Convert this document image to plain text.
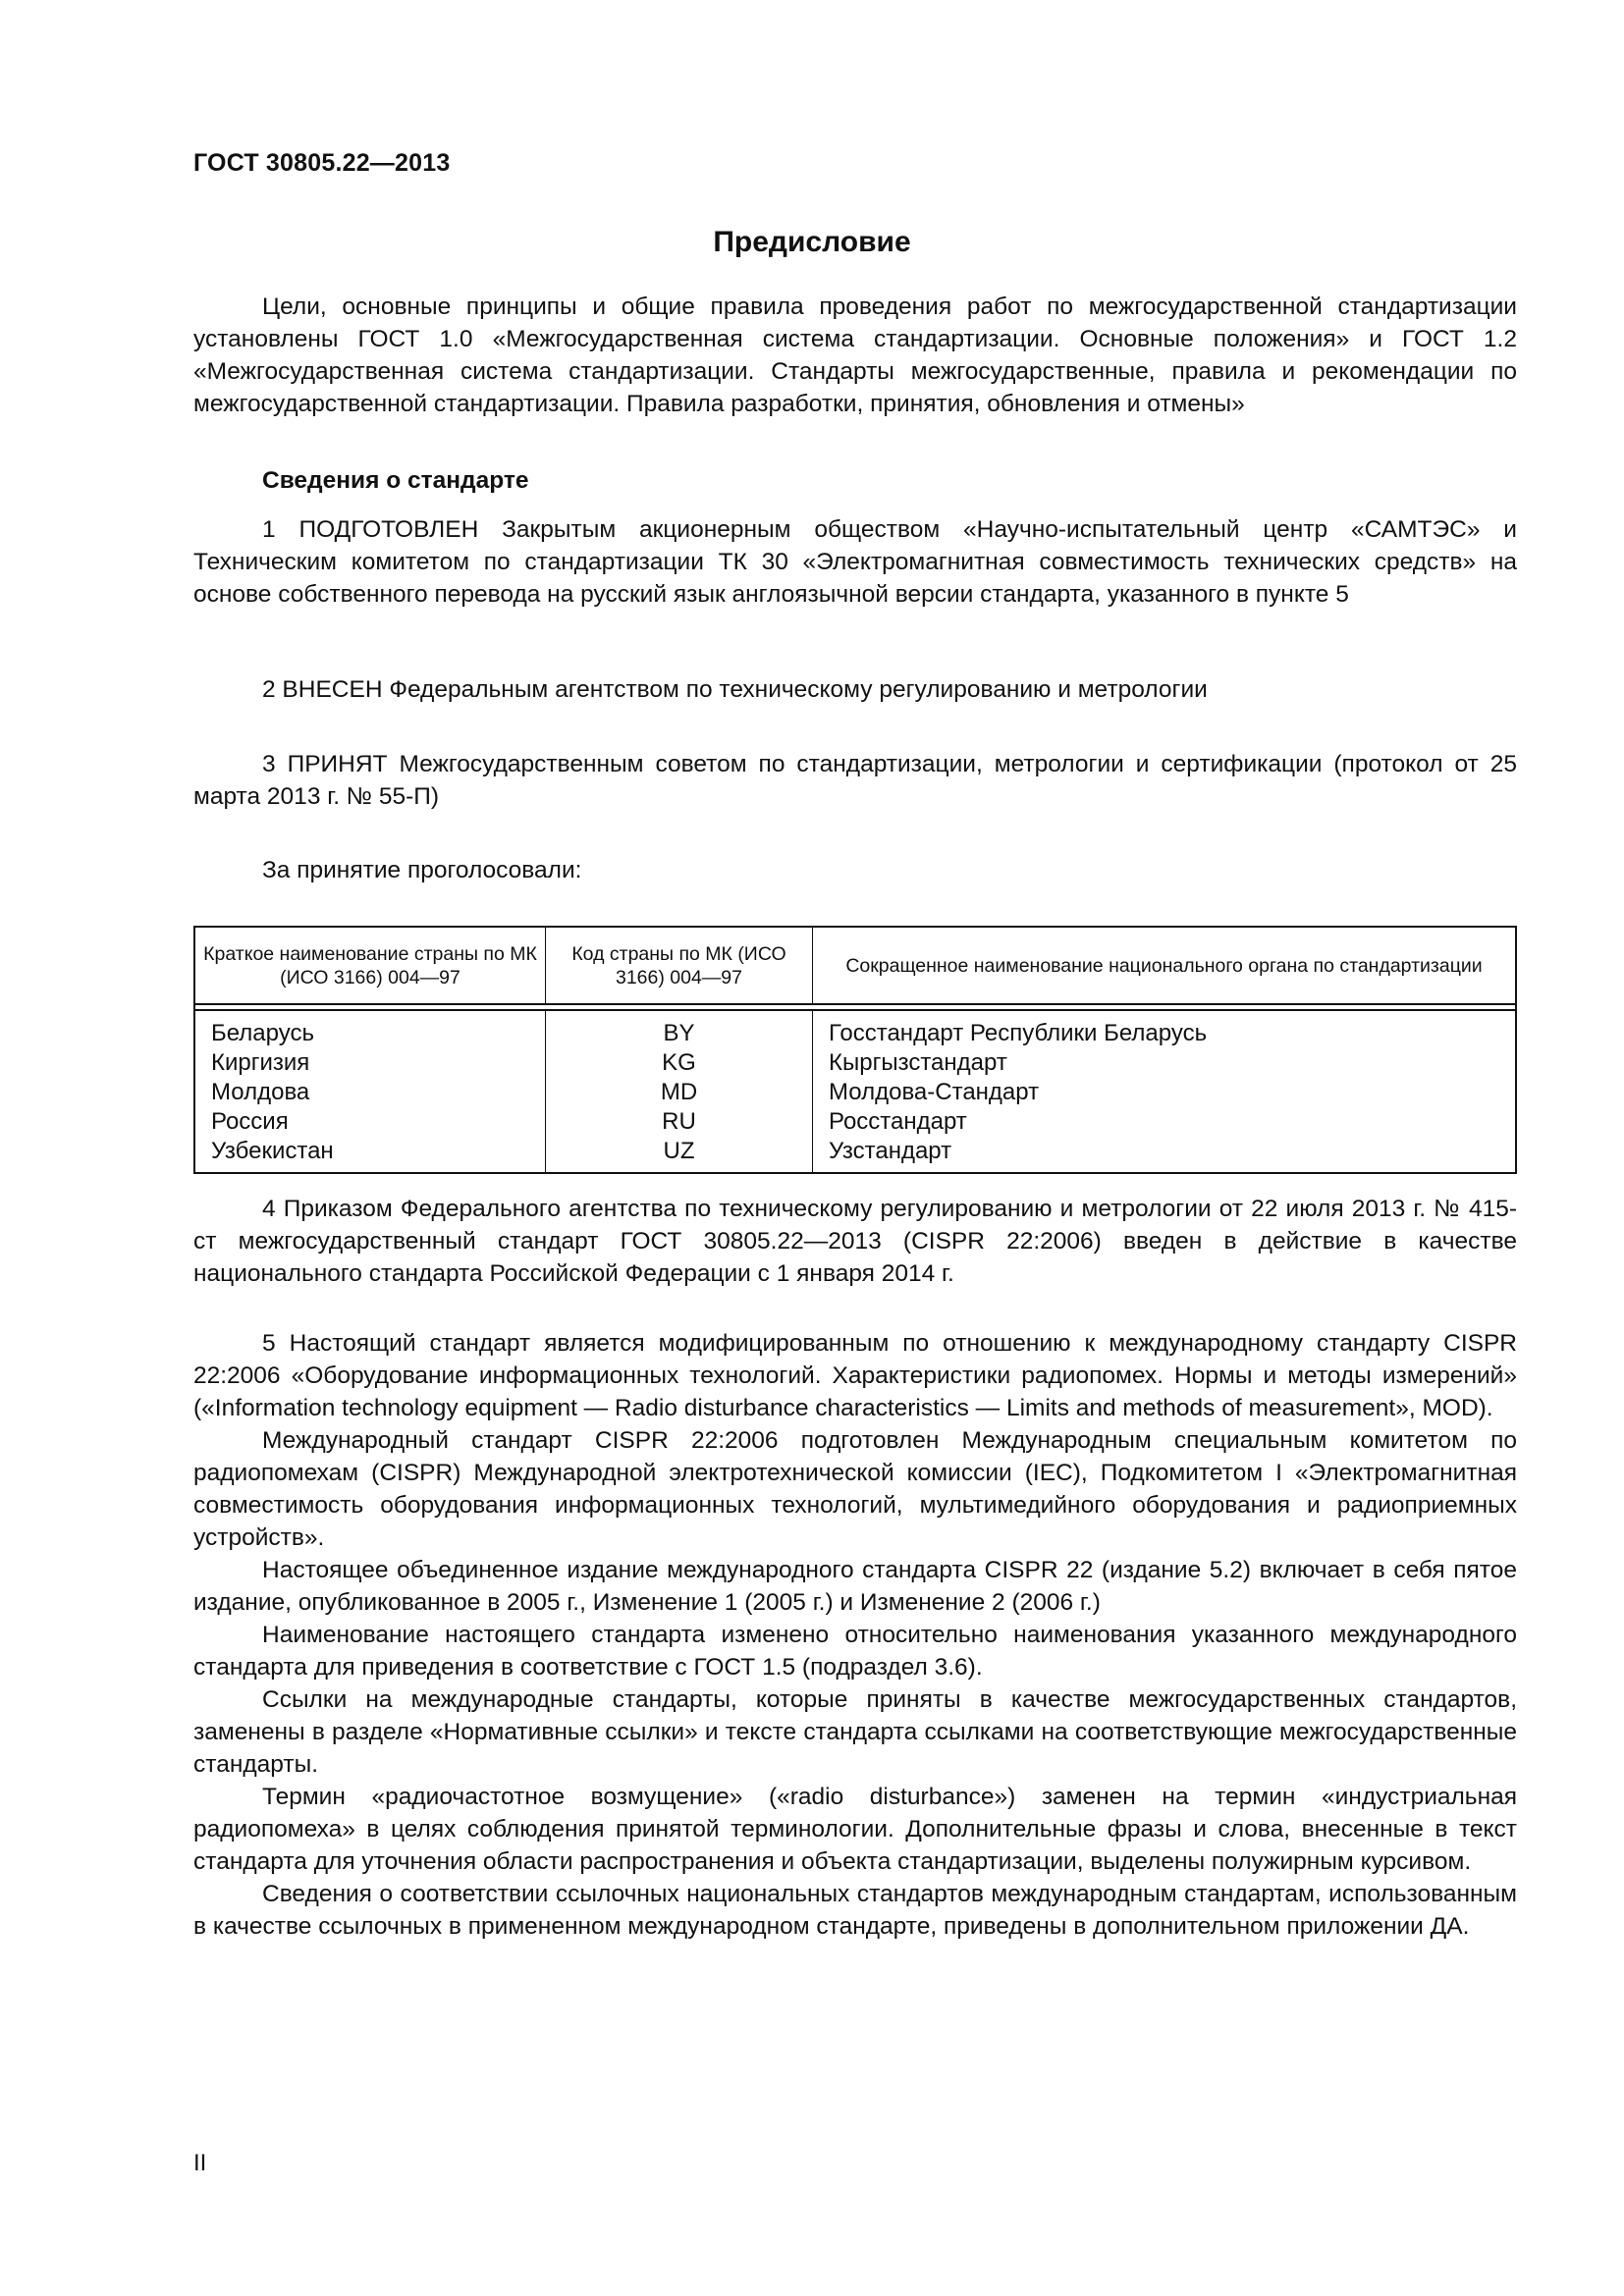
ГОСТ 30805.22—2013
Предисловие

Цели, основные принципы и общие правила проведения работ по межгосударственной стандартизации установлены ГОСТ 1.0 «Межгосударственная система стандартизации. Основные положения» и ГОСТ 1.2 «Межгосударственная система стандартизации. Стандарты межгосударственные, правила и рекомендации по межгосударственной стандартизации. Правила разработки, принятия, обновления и отмены»

Сведения о стандарте

1 ПОДГОТОВЛЕН Закрытым акционерным обществом «Научно-испытательный центр «САМТЭС» и Техническим комитетом по стандартизации ТК 30 «Электромагнитная совместимость технических средств» на основе собственного перевода на русский язык англоязычной версии стандарта, указанного в пункте 5

2 ВНЕСЕН Федеральным агентством по техническому регулированию и метрологии

3 ПРИНЯТ Межгосударственным советом по стандартизации, метрологии и сертификации (протокол от 25 марта 2013 г. № 55-П)

За принятие проголосовали:

Краткое наименование страны по МК (ИСО 3166) 004—97
Код страны по МК (ИСО 3166) 004—97
Сокращенное наименование национального органа по стандартизации
Беларусь
Киргизия
Молдова
Россия
Узбекистан
BY
KG
MD
RU
UZ
Госстандарт Республики Беларусь
Кыргызстандарт
Молдова-Стандарт
Росстандарт
Узстандарт

4 Приказом Федерального агентства по техническому регулированию и метрологии от 22 июля 2013 г. № 415-ст межгосударственный стандарт ГОСТ 30805.22—2013 (CISPR 22:2006) введен в действие в качестве национального стандарта Российской Федерации с 1 января 2014 г.

5 Настоящий стандарт является модифицированным по отношению к международному стандарту CISPR 22:2006 «Оборудование информационных технологий. Характеристики радиопомех. Нормы и методы измерений» («Information technology equipment — Radio disturbance characteristics — Limits and methods of measurement», MOD).

Международный стандарт CISPR 22:2006 подготовлен Международным специальным комитетом по радиопомехам (CISPR) Международной электротехнической комиссии (IEC), Подкомитетом I «Электромагнитная совместимость оборудования информационных технологий, мультимедийного оборудования и радиоприемных устройств».

Настоящее объединенное издание международного стандарта CISPR 22 (издание 5.2) включает в себя пятое издание, опубликованное в 2005 г., Изменение 1 (2005 г.) и Изменение 2 (2006 г.)

Наименование настоящего стандарта изменено относительно наименования указанного международного стандарта для приведения в соответствие с ГОСТ 1.5 (подраздел 3.6).

Ссылки на международные стандарты, которые приняты в качестве межгосударственных стандартов, заменены в разделе «Нормативные ссылки» и тексте стандарта ссылками на соответствующие межгосударственные стандарты.

Термин «радиочастотное возмущение» («radio disturbance») заменен на термин «индустриальная радиопомеха» в целях соблюдения принятой терминологии. Дополнительные фразы и слова, внесенные в текст стандарта для уточнения области распространения и объекта стандартизации, выделены полужирным курсивом.

Сведения о соответствии ссылочных национальных стандартов международным стандартам, использованным в качестве ссылочных в примененном международном стандарте, приведены в дополнительном приложении ДА.

II
